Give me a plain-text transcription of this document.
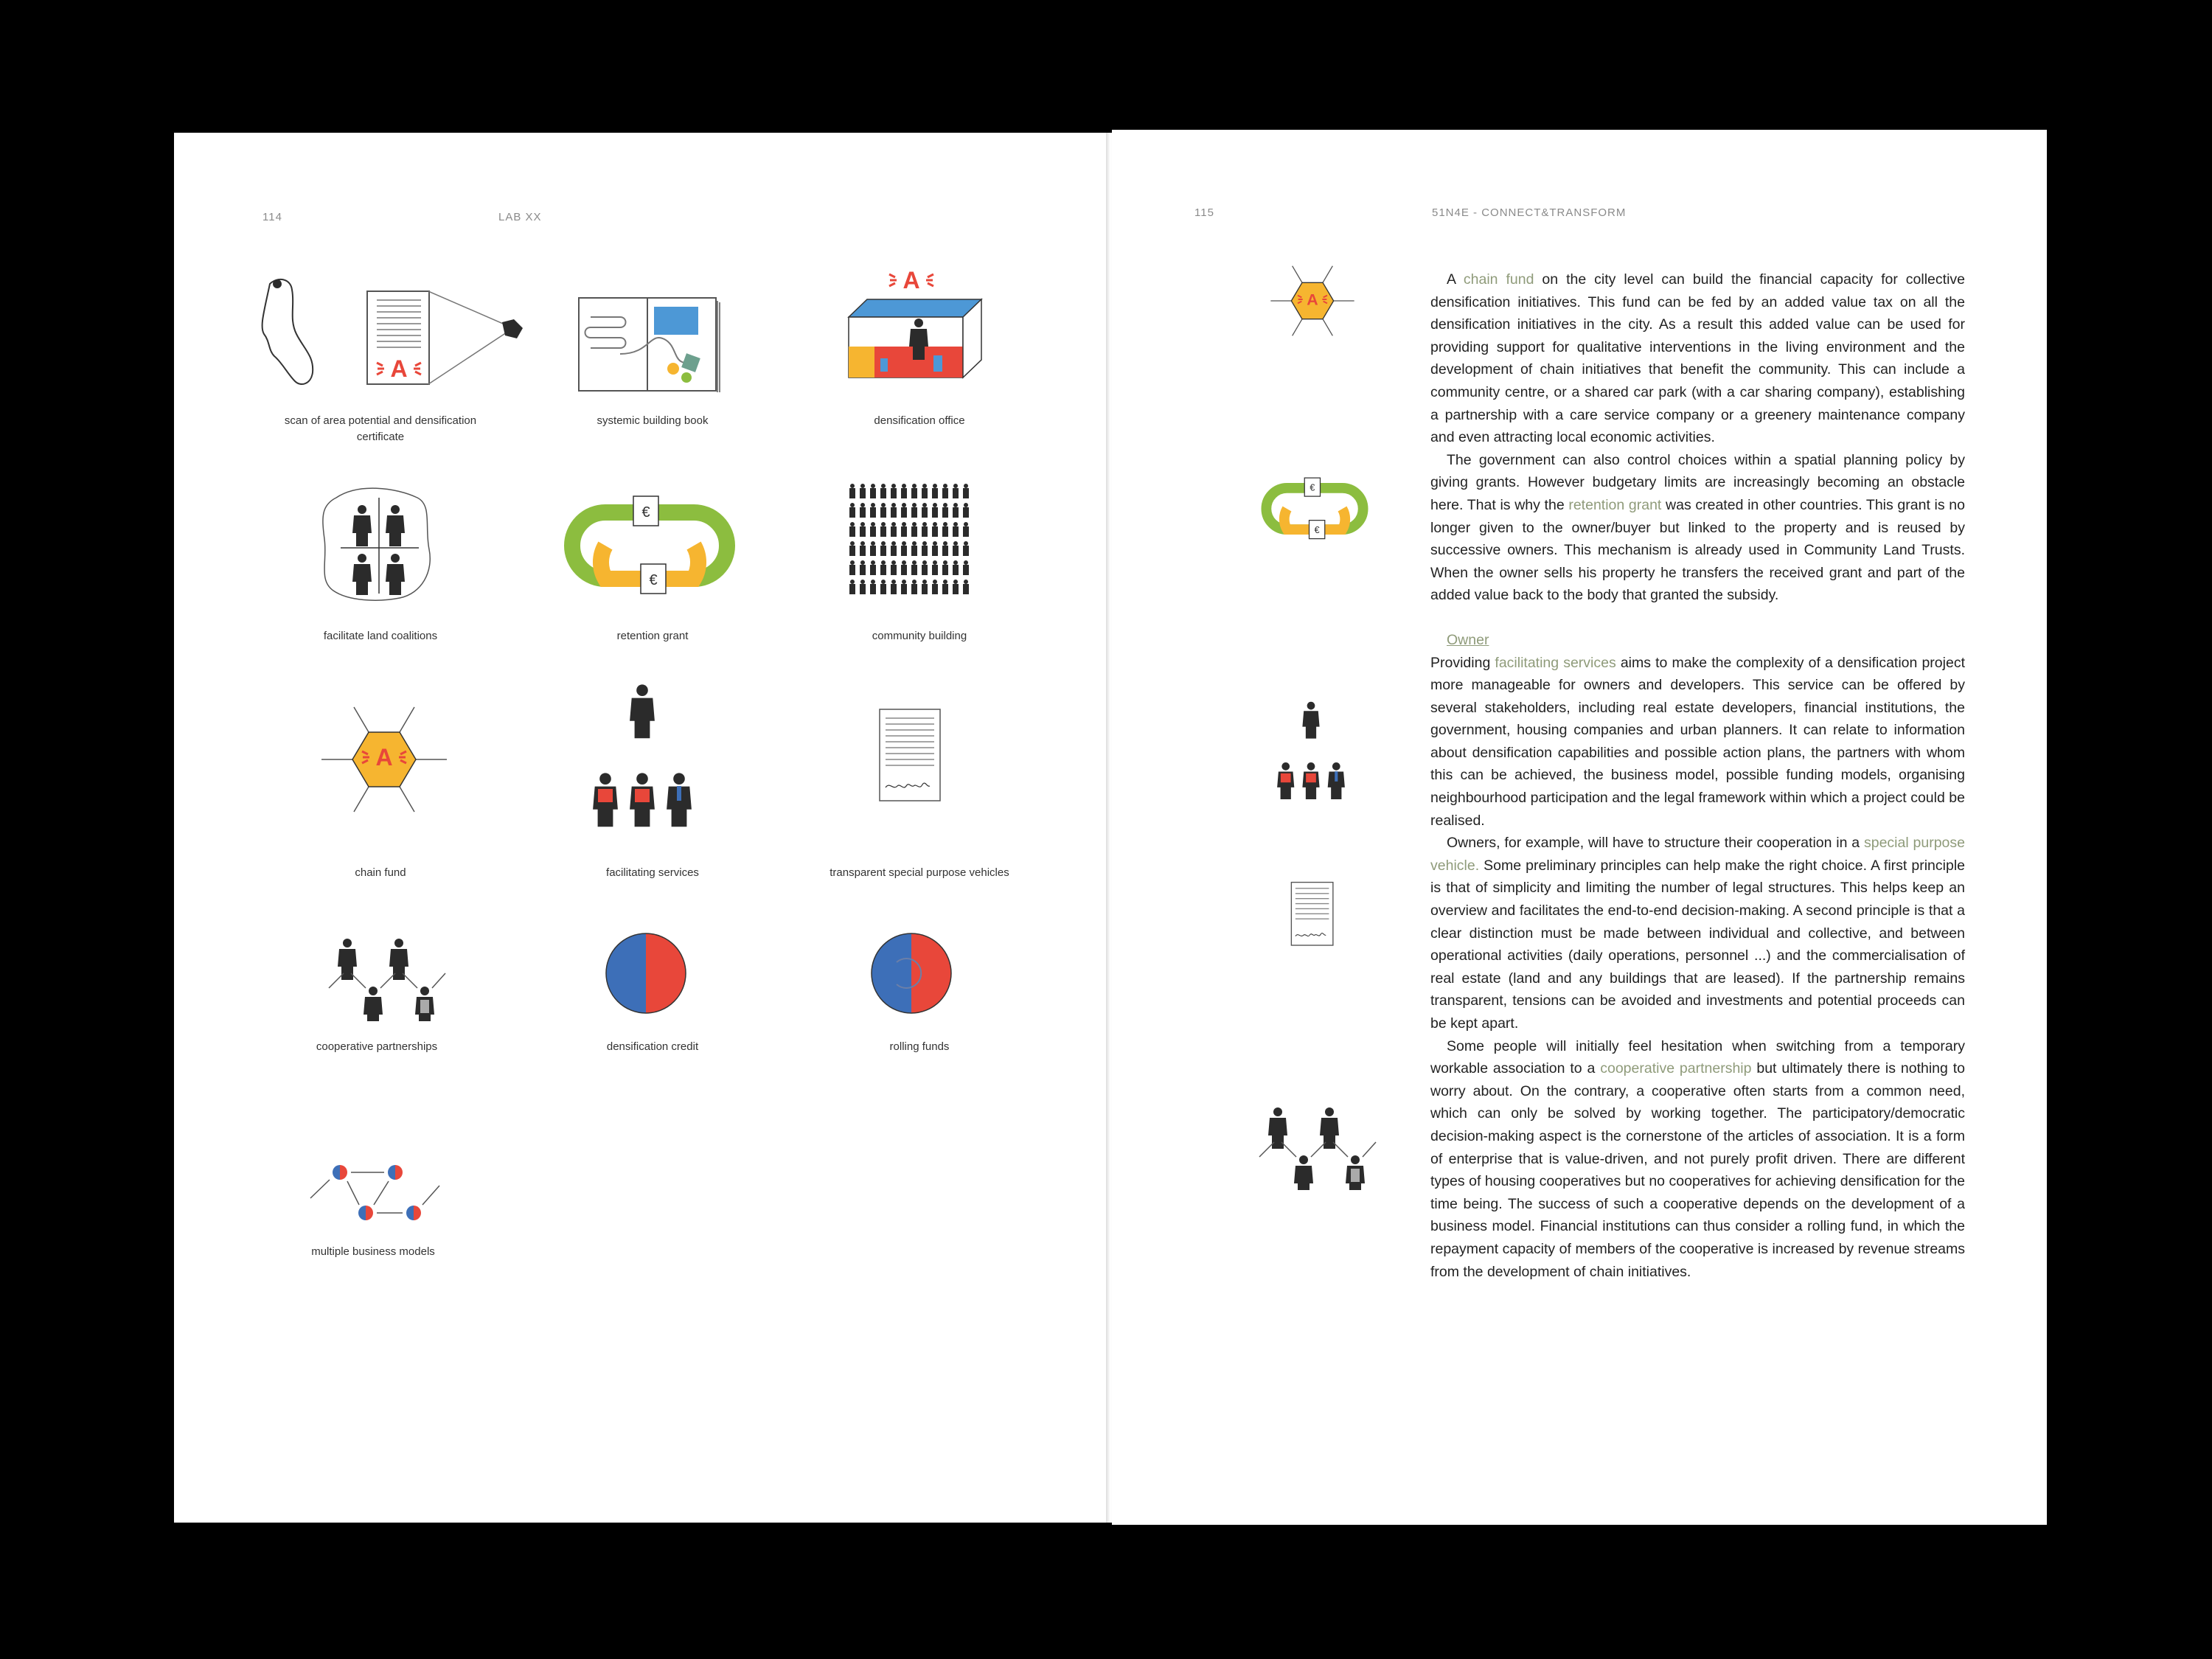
114	LAB XX
scan of area potential and densification certificate
systemic building book	densification office
facilitate land coalitions
€
€
retention grant	community building
chain fund	facilitating services	transparent special purpose vehicles
cooperative partnerships	densification credit	rolling funds
multiple business models
115	51N4E - CONNECT&TRANSFORM
€
€

A chain fund on the city level can build the financial capacity for collective densification initiatives. This fund can be fed by an added value tax on all the densification initiatives in the city. As a result this added value can be used for providing support for qualitative interventions in the living environment and the development of chain initiatives that benefit the community. This can include a community centre, or a shared car park (with a car sharing company), establishing a partnership with a care service company or a greenery maintenance company and even attracting local economic activities.

The government can also control choices within a spatial planning policy by giving grants. However budgetary limits are increasingly becoming an obstacle here. That is why the retention grant was created in other countries. This grant is no longer given to the owner/buyer but linked to the property and is reused by successive owners. This mechanism is already used in Community Land Trusts. When the owner sells his property he transfers the received grant and part of the added value back to the body that granted the subsidy.

Owner

Providing facilitating services aims to make the complexity of a densification project more manageable for owners and developers. This service can be offered by several stakeholders, including real estate developers, financial institutions, the government, housing companies and urban planners. It can relate to information about densification capabilities and possible action plans, the partners with whom this can be achieved, the business model, possible funding models, organising neighbourhood participation and the legal framework within which a project could be realised.

Owners, for example, will have to structure their cooperation in a special purpose vehicle. Some preliminary principles can help make the right choice. A first principle is that of simplicity and limiting the number of legal structures. This helps keep an overview and facilitates the end-to-end decision-making. A second principle is that a clear distinction must be made between individual and collective, and between operational activities (daily operations, personnel ...) and the commercialisation of real estate (land and any buildings that are leased). If the partnership remains transparent, tensions can be avoided and investments and potential proceeds can be kept apart.

Some people will initially feel hesitation when switching from a temporary workable association to a cooperative partnership but ultimately there is nothing to worry about. On the contrary, a cooperative often starts from a common need, which can only be solved by working together. The participatory/democratic decision-making aspect is the cornerstone of the articles of association. It is a form of enterprise that is value-driven, and not purely profit driven. There are different types of housing cooperatives but no cooperatives for achieving densification for the time being. The success of such a cooperative depends on the development of a business model. Financial institutions can thus consider a rolling fund, in which the repayment capacity of members of the cooperative is increased by revenue streams from the development of chain initiatives.
